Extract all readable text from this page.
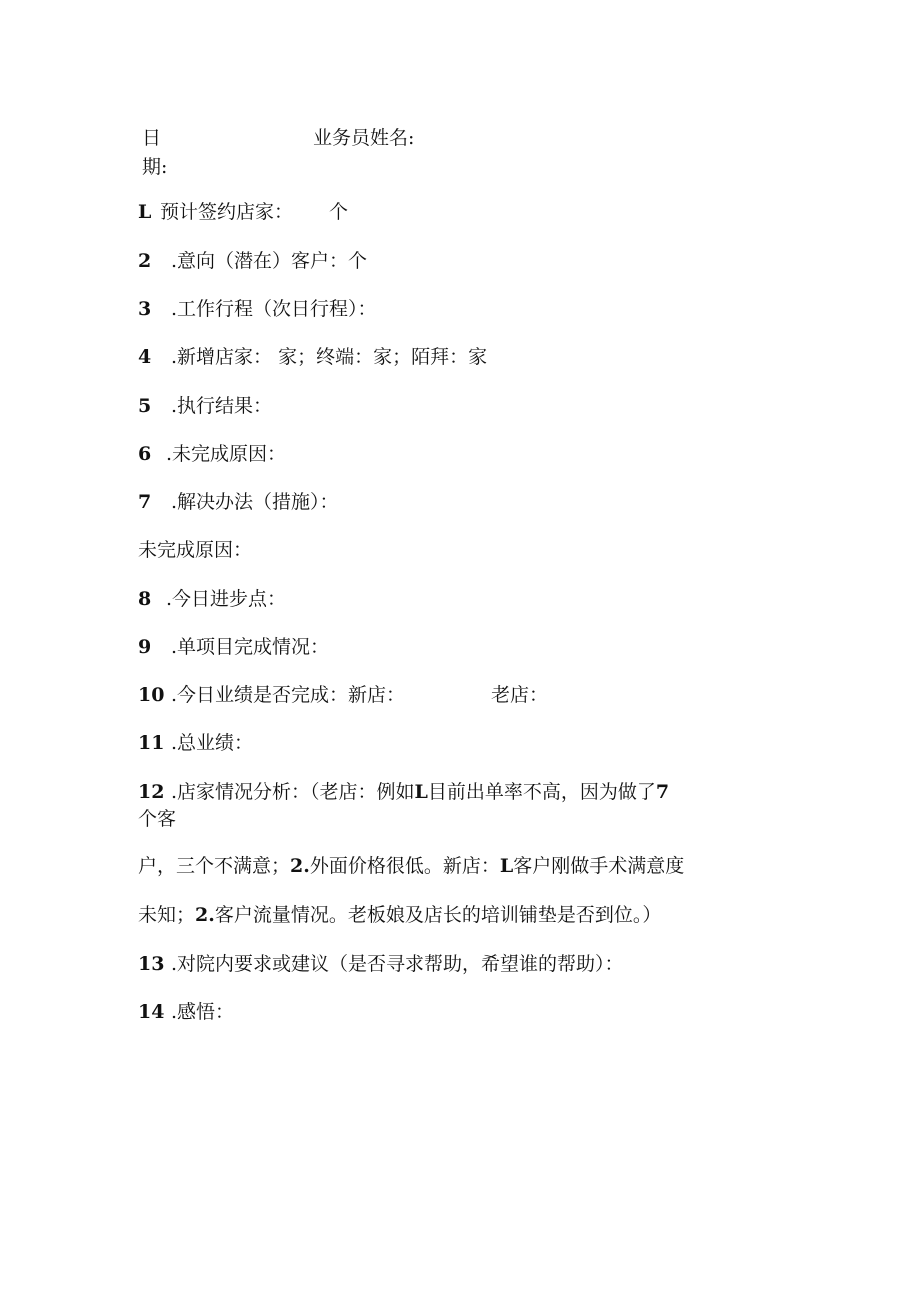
日	业务员姓名:
期:
L 预计签约店家： 个
2 .意向（潜在）客户：个
3 .工作行程（次日行程）：
4 .新增店家： 家；终端：家；陌拜：家
5 .执行结果：
6 .未完成原因：
7 .解决办法（措施）：
未完成原因：
8 .今日进步点：
9 .单项目完成情况：
10 .今日业绩是否完成：新店：	老店：
11 .总业绩：
12 .店家情况分析：（老店：例如L目前出单率不高，因为做了7
个客
户，三个不满意；2.外面价格很低。新店：L客户刚做手术满意度
未知；2.客户流量情况。老板娘及店长的培训铺垫是否到位。）
13 .对院内要求或建议（是否寻求帮助，希望谁的帮助）：
14 .感悟：
